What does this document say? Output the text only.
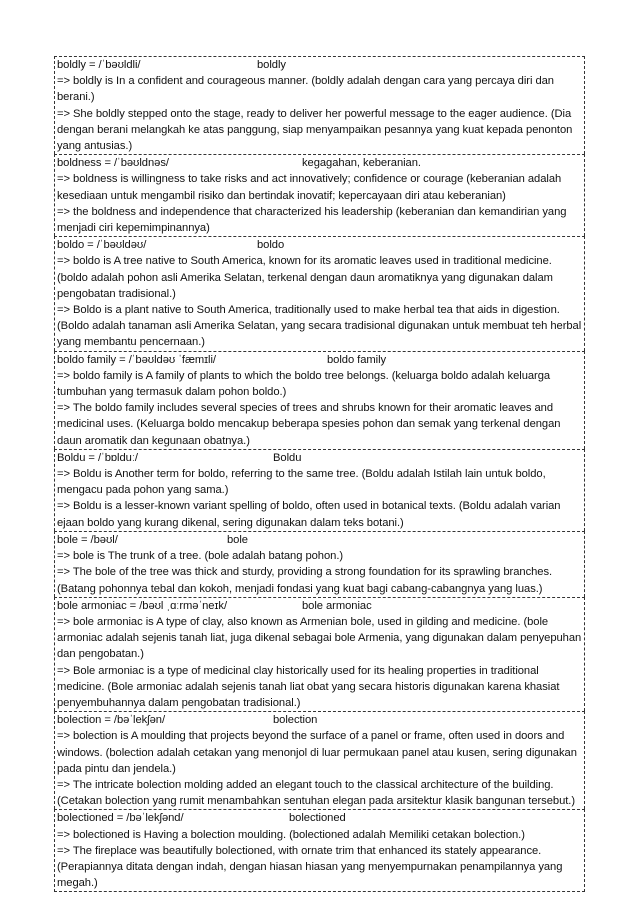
boldly = /ˈbəʊldli/	boldly
=> boldly is In a confident and courageous manner. (boldly adalah dengan cara yang percaya diri dan berani.)
=> She boldly stepped onto the stage, ready to deliver her powerful message to the eager audience. (Dia dengan berani melangkah ke atas panggung, siap menyampaikan pesannya yang kuat kepada penonton yang antusias.)
boldness = /ˈbəʊldnəs/	kegagahan, keberanian.
=> boldness is willingness to take risks and act innovatively; confidence or courage (keberanian adalah kesediaan untuk mengambil risiko dan bertindak inovatif; kepercayaan diri atau keberanian)
=> the boldness and independence that characterized his leadership (keberanian dan kemandirian yang menjadi ciri kepemimpinannya)
boldo = /ˈbəʊldəʊ/	boldo
=> boldo is A tree native to South America, known for its aromatic leaves used in traditional medicine. (boldo adalah pohon asli Amerika Selatan, terkenal dengan daun aromatiknya yang digunakan dalam pengobatan tradisional.)
=> Boldo is a plant native to South America, traditionally used to make herbal tea that aids in digestion. (Boldo adalah tanaman asli Amerika Selatan, yang secara tradisional digunakan untuk membuat teh herbal yang membantu pencernaan.)
boldo family = /ˈbəʊldəʊ ˈfæmɪli/	boldo family
=> boldo family is A family of plants to which the boldo tree belongs. (keluarga boldo adalah keluarga tumbuhan yang termasuk dalam pohon boldo.)
=> The boldo family includes several species of trees and shrubs known for their aromatic leaves and medicinal uses. (Keluarga boldo mencakup beberapa spesies pohon dan semak yang terkenal dengan daun aromatik dan kegunaan obatnya.)
Boldu = /ˈbɒlduː/	Boldu
=> Boldu is Another term for boldo, referring to the same tree. (Boldu adalah Istilah lain untuk boldo, mengacu pada pohon yang sama.)
=> Boldu is a lesser-known variant spelling of boldo, often used in botanical texts. (Boldu adalah varian ejaan boldo yang kurang dikenal, sering digunakan dalam teks botani.)
bole = /bəʊl/	bole
=> bole is The trunk of a tree. (bole adalah batang pohon.)
=> The bole of the tree was thick and sturdy, providing a strong foundation for its sprawling branches. (Batang pohonnya tebal dan kokoh, menjadi fondasi yang kuat bagi cabang-cabangnya yang luas.)
bole armoniac = /bəʊl ˌɑːrməˈneɪk/	bole armoniac
=> bole armoniac is A type of clay, also known as Armenian bole, used in gilding and medicine. (bole armoniac adalah sejenis tanah liat, juga dikenal sebagai bole Armenia, yang digunakan dalam penyepuhan dan pengobatan.)
=> Bole armoniac is a type of medicinal clay historically used for its healing properties in traditional medicine. (Bole armoniac adalah sejenis tanah liat obat yang secara historis digunakan karena khasiat penyembuhannya dalam pengobatan tradisional.)
bolection = /bəˈlekʃən/	bolection
=> bolection is A moulding that projects beyond the surface of a panel or frame, often used in doors and windows. (bolection adalah cetakan yang menonjol di luar permukaan panel atau kusen, sering digunakan pada pintu dan jendela.)
=> The intricate bolection molding added an elegant touch to the classical architecture of the building. (Cetakan bolection yang rumit menambahkan sentuhan elegan pada arsitektur klasik bangunan tersebut.)
bolectioned = /bəˈlekʃənd/	bolectioned
=> bolectioned is Having a bolection moulding. (bolectioned adalah Memiliki cetakan bolection.)
=> The fireplace was beautifully bolectioned, with ornate trim that enhanced its stately appearance. (Perapiannya ditata dengan indah, dengan hiasan hiasan yang menyempurnakan penampilannya yang megah.)
